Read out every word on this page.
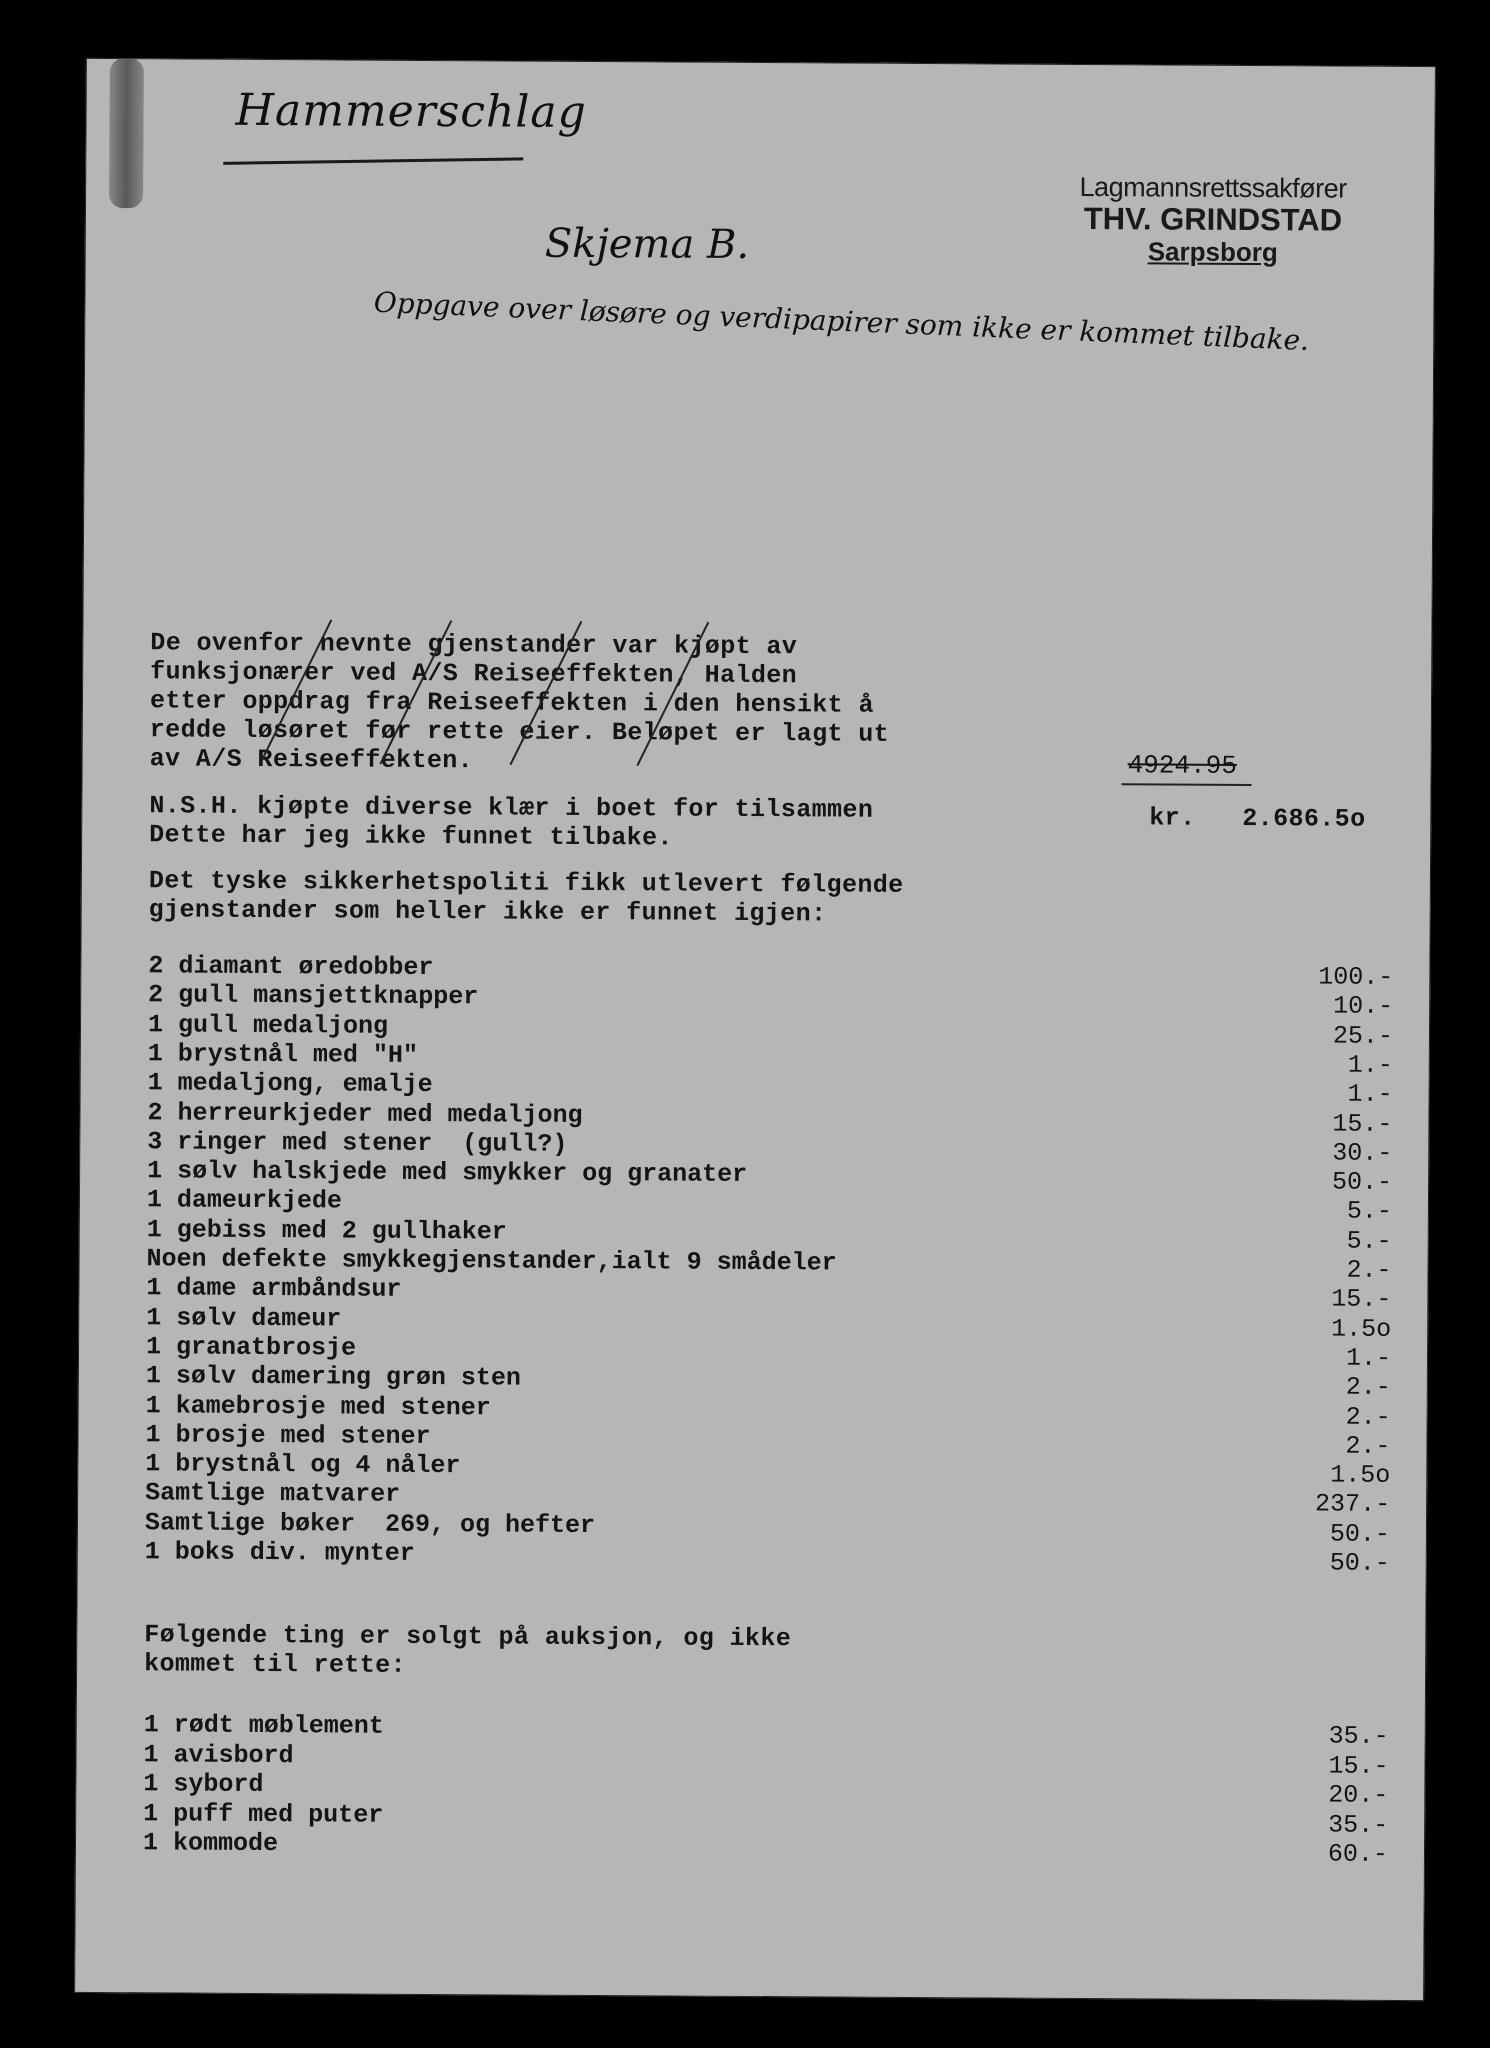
Hammerschlag
Lagmannsrettssakfører
THV. GRINDSTAD
Sarpsborg
Skjema B.
Oppgave over løsøre og verdipapirer som ikke er kommet tilbake.
De ovenfor nevnte gjenstander var kjøpt av
funksjonærer ved A/S Reiseeffekten, Halden
etter oppdrag fra Reiseeffekten i den hensikt å
redde løsøret før rette eier. Beløpet er lagt ut
av A/S Reiseeffekten.	4924.95
N.S.H. kjøpte diverse klær i boet for tilsammen
Dette har jeg ikke funnet tilbake.
kr. 2.686.5o
Det tyske sikkerhetspoliti fikk utlevert følgende
gjenstander som heller ikke er funnet igjen:
2 diamant øredobber	100.-
2 gull mansjettknapper	10.-
1 gull medaljong	25.-
1 brystnål med "H"	1.-
1 medaljong, emalje	1.-
2 herreurkjeder med medaljong	15.-
3 ringer med stener  (gull?)	30.-
1 sølv halskjede med smykker og granater	50.-
1 dameurkjede	5.-
1 gebiss med 2 gullhaker	5.-
Noen defekte smykkegjenstander,ialt 9 smådeler	2.-
1 dame armbåndsur	15.-
1 sølv dameur	1.5o
1 granatbrosje	1.-
1 sølv damering grøn sten	2.-
1 kamebrosje med stener	2.-
1 brosje med stener	2.-
1 brystnål og 4 nåler	1.5o
Samtlige matvarer	237.-
Samtlige bøker  269, og hefter	50.-
1 boks div. mynter	50.-
Følgende ting er solgt på auksjon, og ikke
kommet til rette:
1 rødt møblement	35.-
1 avisbord	15.-
1 sybord	20.-
1 puff med puter	35.-
1 kommode	60.-
